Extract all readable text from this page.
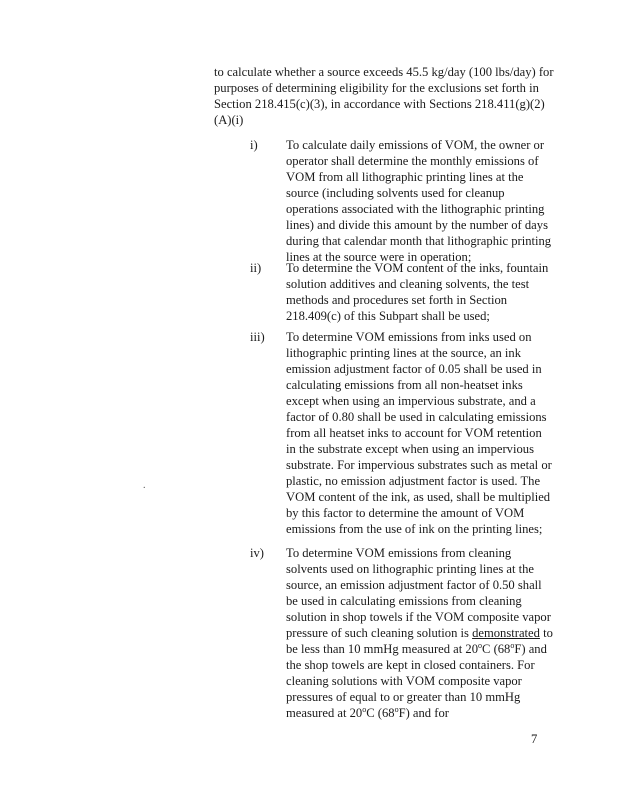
to calculate whether a source exceeds 45.5 kg/day (100 lbs/day) for purposes of determining eligibility for the exclusions set forth in Section 218.415(c)(3), in accordance with Sections 218.411(g)(2)(A)(i)
i)	To calculate daily emissions of VOM, the owner or operator shall determine the monthly emissions of VOM from all lithographic printing lines at the source (including solvents used for cleanup operations associated with the lithographic printing lines) and divide this amount by the number of days during that calendar month that lithographic printing lines at the source were in operation;
ii)	To determine the VOM content of the inks, fountain solution additives and cleaning solvents, the test methods and procedures set forth in Section 218.409(c) of this Subpart shall be used;
iii)	To determine VOM emissions from inks used on lithographic printing lines at the source, an ink emission adjustment factor of 0.05 shall be used in calculating emissions from all non-heatset inks except when using an impervious substrate, and a factor of 0.80 shall be used in calculating emissions from all heatset inks to account for VOM retention in the substrate except when using an impervious substrate. For impervious substrates such as metal or plastic, no emission adjustment factor is used. The VOM content of the ink, as used, shall be multiplied by this factor to determine the amount of VOM emissions from the use of ink on the printing lines;
iv)	To determine VOM emissions from cleaning solvents used on lithographic printing lines at the source, an emission adjustment factor of 0.50 shall be used in calculating emissions from cleaning solution in shop towels if the VOM composite vapor pressure of such cleaning solution is demonstrated to be less than 10 mmHg measured at 20$^o$C (68$^o$F) and the shop towels are kept in closed containers. For cleaning solutions with VOM composite vapor pressures of equal to or greater than 10 mmHg measured at 20$^o$C (68$^o$F) and for
.
7
